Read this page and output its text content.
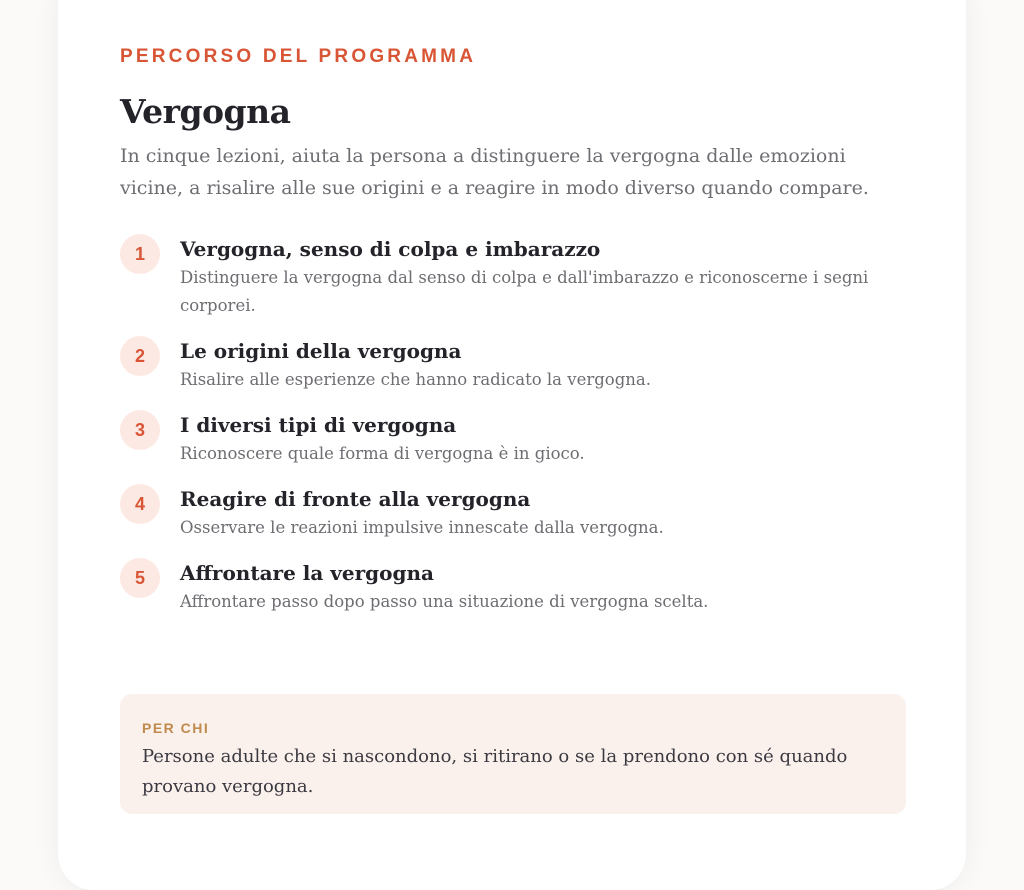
PERCORSO DEL PROGRAMMA

Vergogna

In cinque lezioni, aiuta la persona a distinguere la vergogna dalle emozioni vicine, a risalire alle sue origini e a reagire in modo diverso quando compare.

1	Vergogna, senso di colpa e imbarazzo

Distinguere la vergogna dal senso di colpa e dall'imbarazzo e riconoscerne i segni corporei.

2	Le origini della vergogna

Risalire alle esperienze che hanno radicato la vergogna.

3	I diversi tipi di vergogna

Riconoscere quale forma di vergogna è in gioco.

4	Reagire di fronte alla vergogna

Osservare le reazioni impulsive innescate dalla vergogna.

5	Affrontare la vergogna

Affrontare passo dopo passo una situazione di vergogna scelta.

PER CHI
Persone adulte che si nascondono, si ritirano o se la prendono con sé quando provano vergogna.
